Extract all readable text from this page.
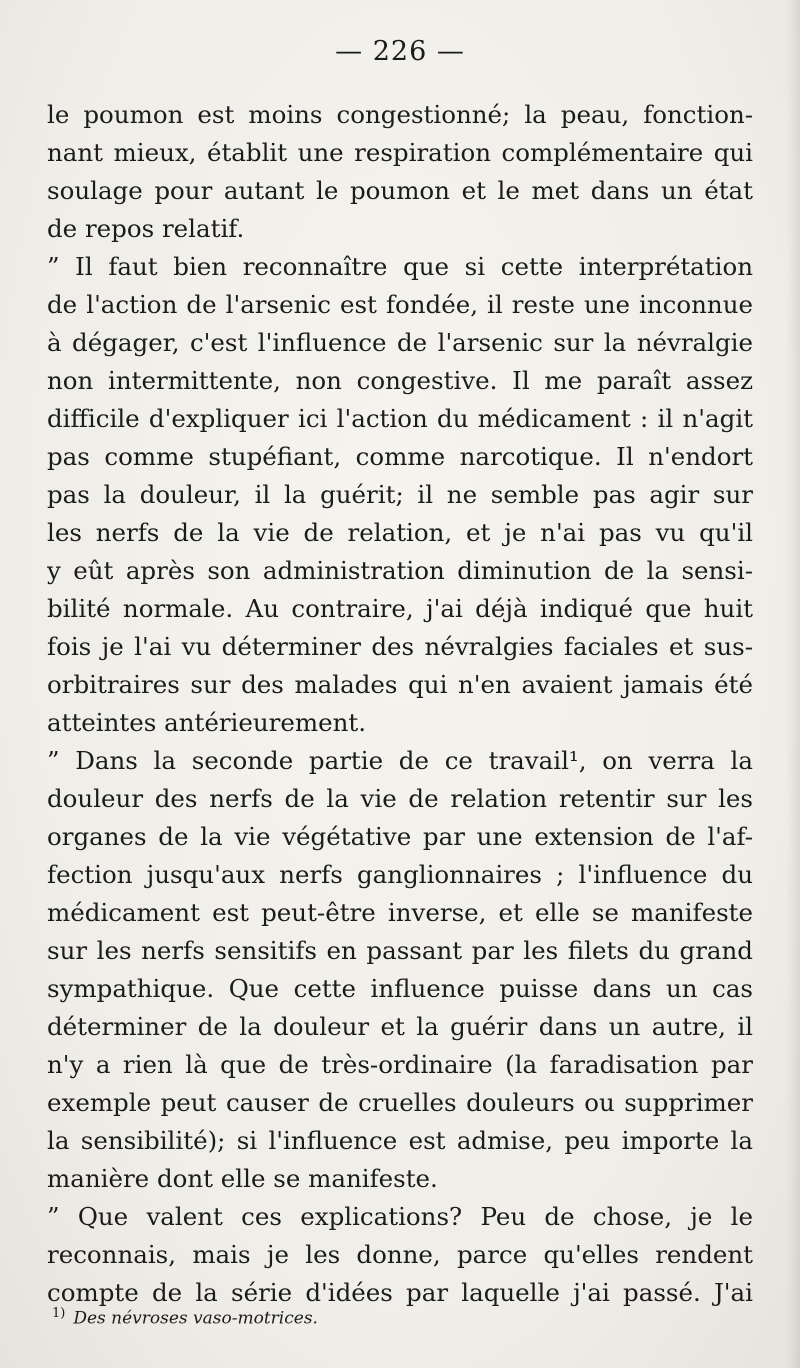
— 226 —
le poumon est moins congestionné; la peau, fonction-
nant mieux, établit une respiration complémentaire qui
soulage pour autant le poumon et le met dans un état
de repos relatif.
” Il faut bien reconnaître que si cette interprétation
de l'action de l'arsenic est fondée, il reste une inconnue
à dégager, c'est l'influence de l'arsenic sur la névralgie
non intermittente, non congestive. Il me paraît assez
difficile d'expliquer ici l'action du médicament : il n'agit
pas comme stupéfiant, comme narcotique. Il n'endort
pas la douleur, il la guérit; il ne semble pas agir sur
les nerfs de la vie de relation, et je n'ai pas vu qu'il
y eût après son administration diminution de la sensi-
bilité normale. Au contraire, j'ai déjà indiqué que huit
fois je l'ai vu déterminer des névralgies faciales et sus-
orbitraires sur des malades qui n'en avaient jamais été
atteintes antérieurement.
” Dans la seconde partie de ce travail¹, on verra la
douleur des nerfs de la vie de relation retentir sur les
organes de la vie végétative par une extension de l'af-
fection jusqu'aux nerfs ganglionnaires ; l'influence du
médicament est peut-être inverse, et elle se manifeste
sur les nerfs sensitifs en passant par les filets du grand
sympathique. Que cette influence puisse dans un cas
déterminer de la douleur et la guérir dans un autre, il
n'y a rien là que de très-ordinaire (la faradisation par
exemple peut causer de cruelles douleurs ou supprimer
la sensibilité); si l'influence est admise, peu importe la
manière dont elle se manifeste.
” Que valent ces explications? Peu de chose, je le
reconnais, mais je les donne, parce qu'elles rendent
compte de la série d'idées par laquelle j'ai passé. J'ai
$^{1)}$ Des névroses vaso-motrices.
